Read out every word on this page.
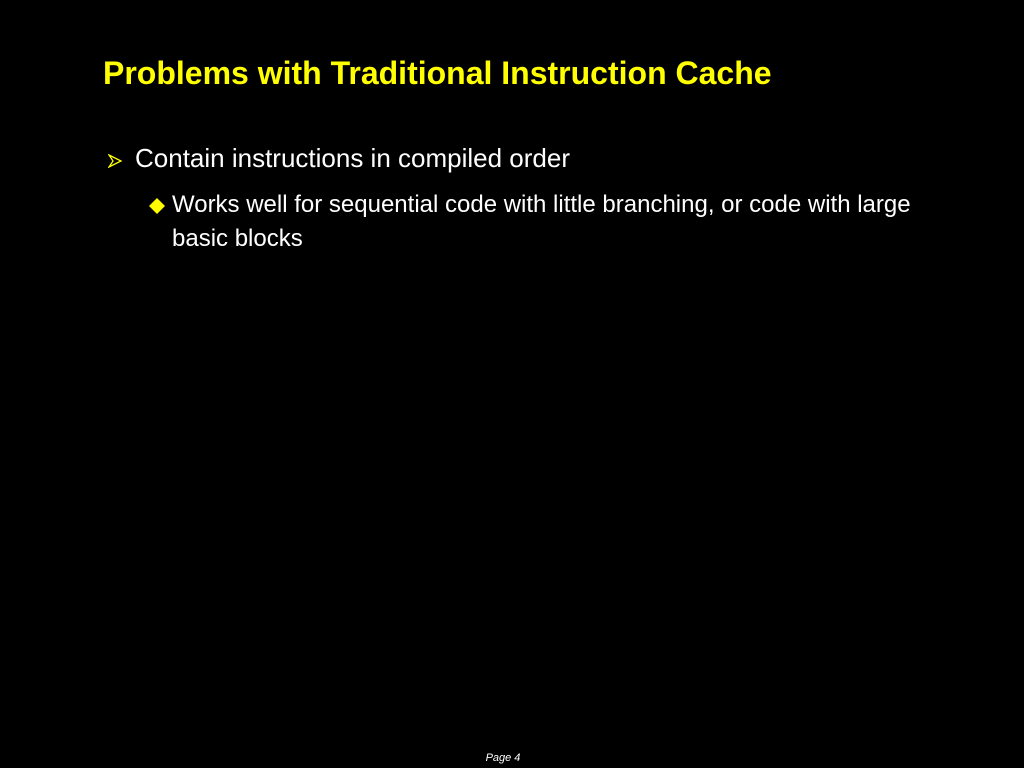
Problems with Traditional Instruction Cache
Contain instructions in compiled order
Works well for sequential code with little branching, or code with large basic blocks
Page 4
